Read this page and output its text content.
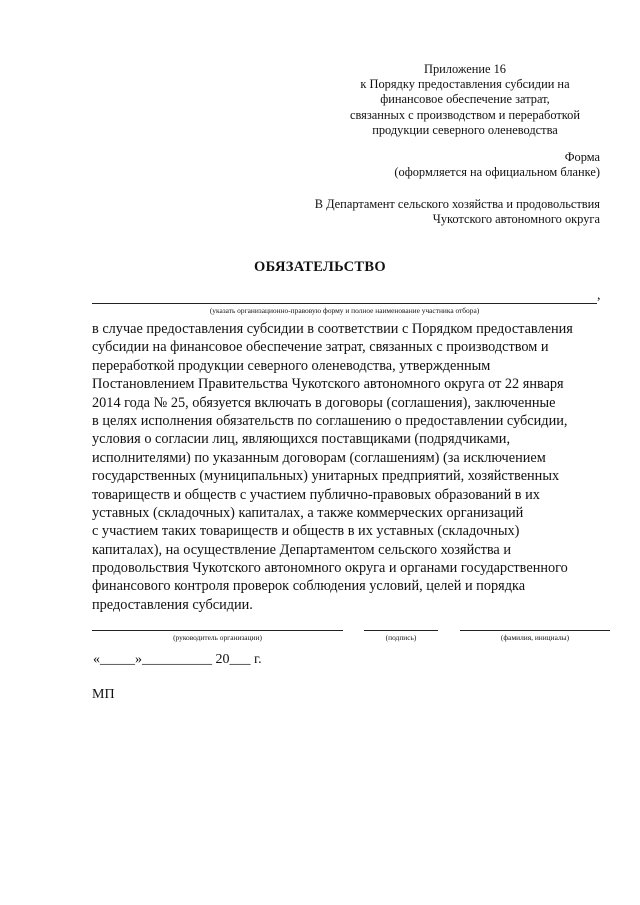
Приложение 16
к Порядку предоставления субсидии на
финансовое обеспечение затрат,
связанных с производством и переработкой
продукции северного оленеводства
Форма
(оформляется на официальном бланке)
В Департамент сельского хозяйства и продовольствия
Чукотского автономного округа
ОБЯЗАТЕЛЬСТВО
,
(указать организационно-правовую форму и полное наименование участника отбора)
в случае предоставления субсидии в соответствии с Порядком предоставления
субсидии на финансовое обеспечение затрат, связанных с производством и
переработкой продукции северного оленеводства, утвержденным
Постановлением Правительства Чукотского автономного округа от 22 января
2014 года № 25, обязуется включать в договоры (соглашения), заключенные
в целях исполнения обязательств по соглашению о предоставлении субсидии,
условия о согласии лиц, являющихся поставщиками (подрядчиками,
исполнителями) по указанным договорам (соглашениям) (за исключением
государственных (муниципальных) унитарных предприятий, хозяйственных
товариществ и обществ с участием публично-правовых образований в их
уставных (складочных) капиталах, а также коммерческих организаций
с участием таких товариществ и обществ в их уставных (складочных)
капиталах), на осуществление Департаментом сельского хозяйства и
продовольствия Чукотского автономного округа и органами государственного
финансового контроля проверок соблюдения условий, целей и порядка
предоставления субсидии.
(руководитель организации)	(подпись)	(фамилия, инициалы)
«_____»__________ 20___ г.
МП
